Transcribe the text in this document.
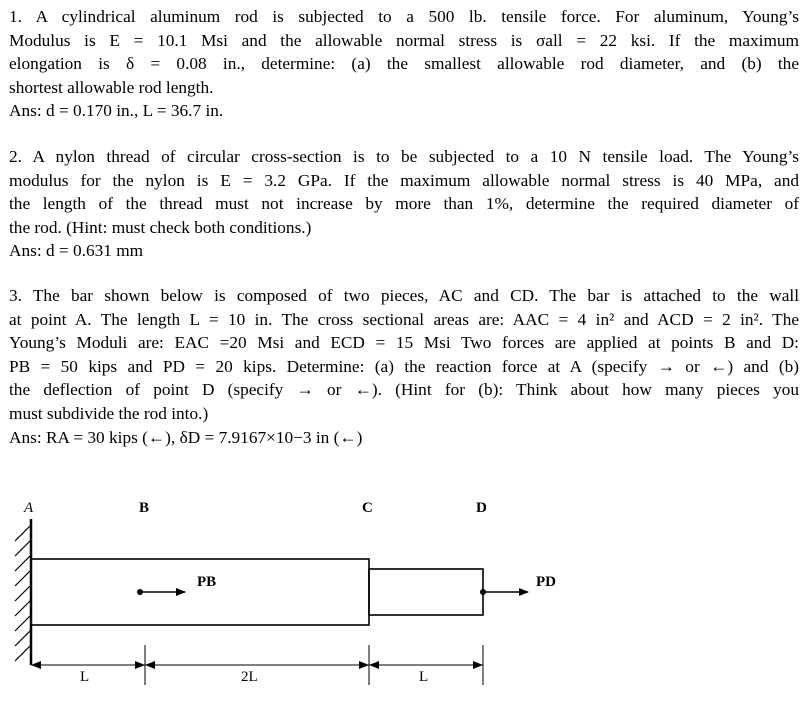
1. A cylindrical aluminum rod is subjected to a 500 lb. tensile force. For aluminum, Young’s
Modulus is E = 10.1 Msi and the allowable normal stress is σall = 22 ksi. If the maximum
elongation is δ = 0.08 in., determine: (a) the smallest allowable rod diameter, and (b) the
shortest allowable rod length.
Ans: d = 0.170 in., L = 36.7 in.
2. A nylon thread of circular cross-section is to be subjected to a 10 N tensile load. The Young’s
modulus for the nylon is E = 3.2 GPa. If the maximum allowable normal stress is 40 MPa, and
the length of the thread must not increase by more than 1%, determine the required diameter of
the rod. (Hint: must check both conditions.)
Ans: d = 0.631 mm
3. The bar shown below is composed of two pieces, AC and CD. The bar is attached to the wall
at point A. The length L = 10 in. The cross sectional areas are: AAC = 4 in² and ACD = 2 in². The
Young’s Moduli are: EAC =20 Msi and ECD = 15 Msi Two forces are applied at points B and D:
PB = 50 kips and PD = 20 kips. Determine: (a) the reaction force at A (specify → or ←) and (b)
the deflection of point D (specify → or ←). (Hint for (b): Think about how many pieces you
must subdivide the rod into.)
Ans: RA = 30 kips (←), δD = 7.9167×10−3 in (←)
A	B	C	D
PB	PD
L	2L	L
